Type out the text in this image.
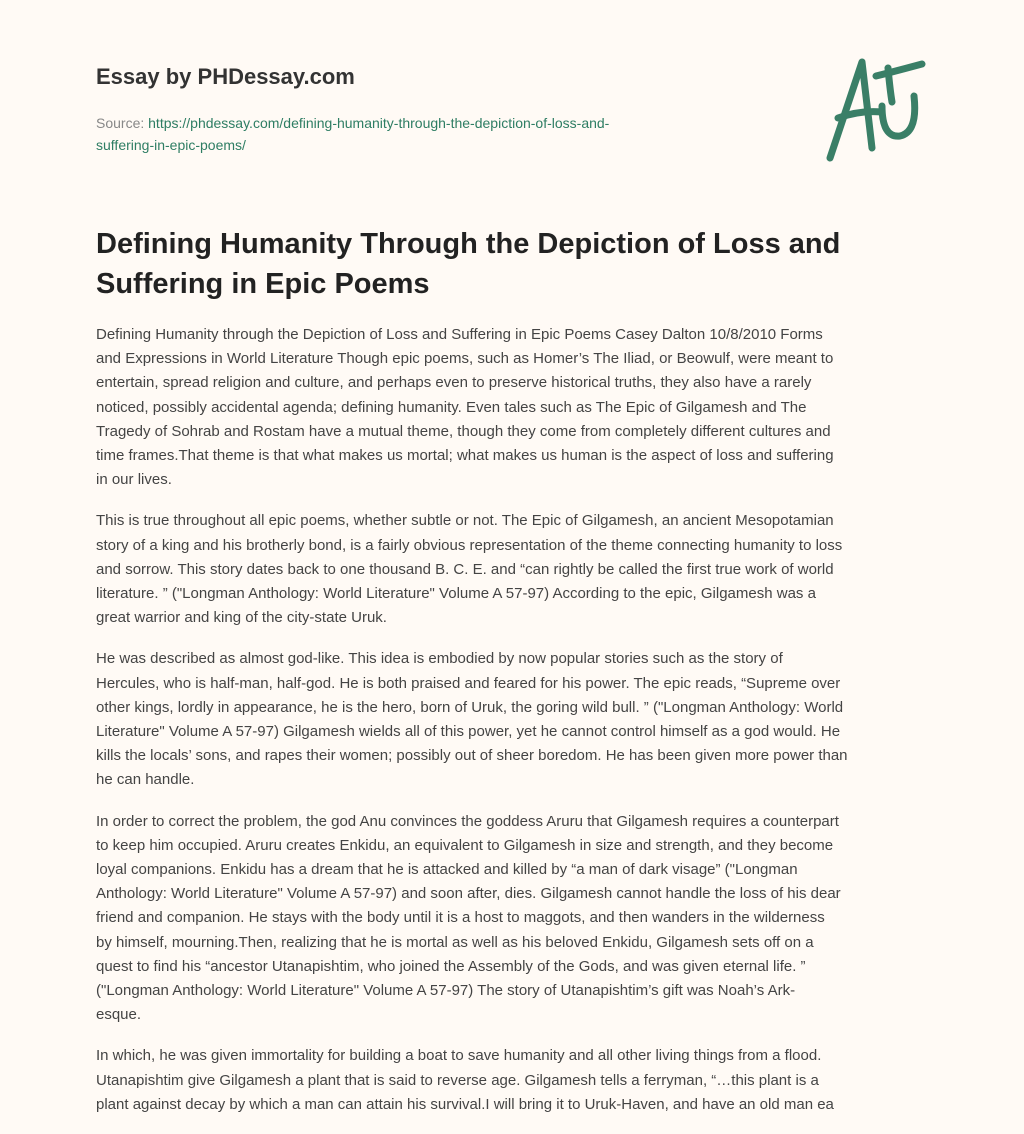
Essay by PHDessay.com
Source: https://phdessay.com/defining-humanity-through-the-depiction-of-loss-and-
suffering-in-epic-poems/
Defining Humanity Through the Depiction of Loss and Suffering in Epic Poems

Defining Humanity through the Depiction of Loss and Suffering in Epic Poems Casey Dalton 10/8/2010 Forms
and Expressions in World Literature Though epic poems, such as Homer’s The Iliad, or Beowulf, were meant to
entertain, spread religion and culture, and perhaps even to preserve historical truths, they also have a rarely
noticed, possibly accidental agenda; defining humanity. Even tales such as The Epic of Gilgamesh and The
Tragedy of Sohrab and Rostam have a mutual theme, though they come from completely different cultures and
time frames.That theme is that what makes us mortal; what makes us human is the aspect of loss and suffering
in our lives.

This is true throughout all epic poems, whether subtle or not. The Epic of Gilgamesh, an ancient Mesopotamian
story of a king and his brotherly bond, is a fairly obvious representation of the theme connecting humanity to loss
and sorrow. This story dates back to one thousand B. C. E. and “can rightly be called the first true work of world
literature. ” ("Longman Anthology: World Literature" Volume A 57-97) According to the epic, Gilgamesh was a
great warrior and king of the city-state Uruk.

He was described as almost god-like. This idea is embodied by now popular stories such as the story of
Hercules, who is half-man, half-god. He is both praised and feared for his power. The epic reads, “Supreme over
other kings, lordly in appearance, he is the hero, born of Uruk, the goring wild bull. ” ("Longman Anthology: World
Literature" Volume A 57-97) Gilgamesh wields all of this power, yet he cannot control himself as a god would. He
kills the locals’ sons, and rapes their women; possibly out of sheer boredom. He has been given more power than
he can handle.

In order to correct the problem, the god Anu convinces the goddess Aruru that Gilgamesh requires a counterpart
to keep him occupied. Aruru creates Enkidu, an equivalent to Gilgamesh in size and strength, and they become
loyal companions. Enkidu has a dream that he is attacked and killed by “a man of dark visage” ("Longman
Anthology: World Literature" Volume A 57-97) and soon after, dies. Gilgamesh cannot handle the loss of his dear
friend and companion. He stays with the body until it is a host to maggots, and then wanders in the wilderness
by himself, mourning.Then, realizing that he is mortal as well as his beloved Enkidu, Gilgamesh sets off on a
quest to find his “ancestor Utanapishtim, who joined the Assembly of the Gods, and was given eternal life. ”
("Longman Anthology: World Literature" Volume A 57-97) The story of Utanapishtim’s gift was Noah’s Ark-
esque.

In which, he was given immortality for building a boat to save humanity and all other living things from a flood.
Utanapishtim give Gilgamesh a plant that is said to reverse age. Gilgamesh tells a ferryman, “…this plant is a
plant against decay by which a man can attain his survival.I will bring it to Uruk-Haven, and have an old man ea
